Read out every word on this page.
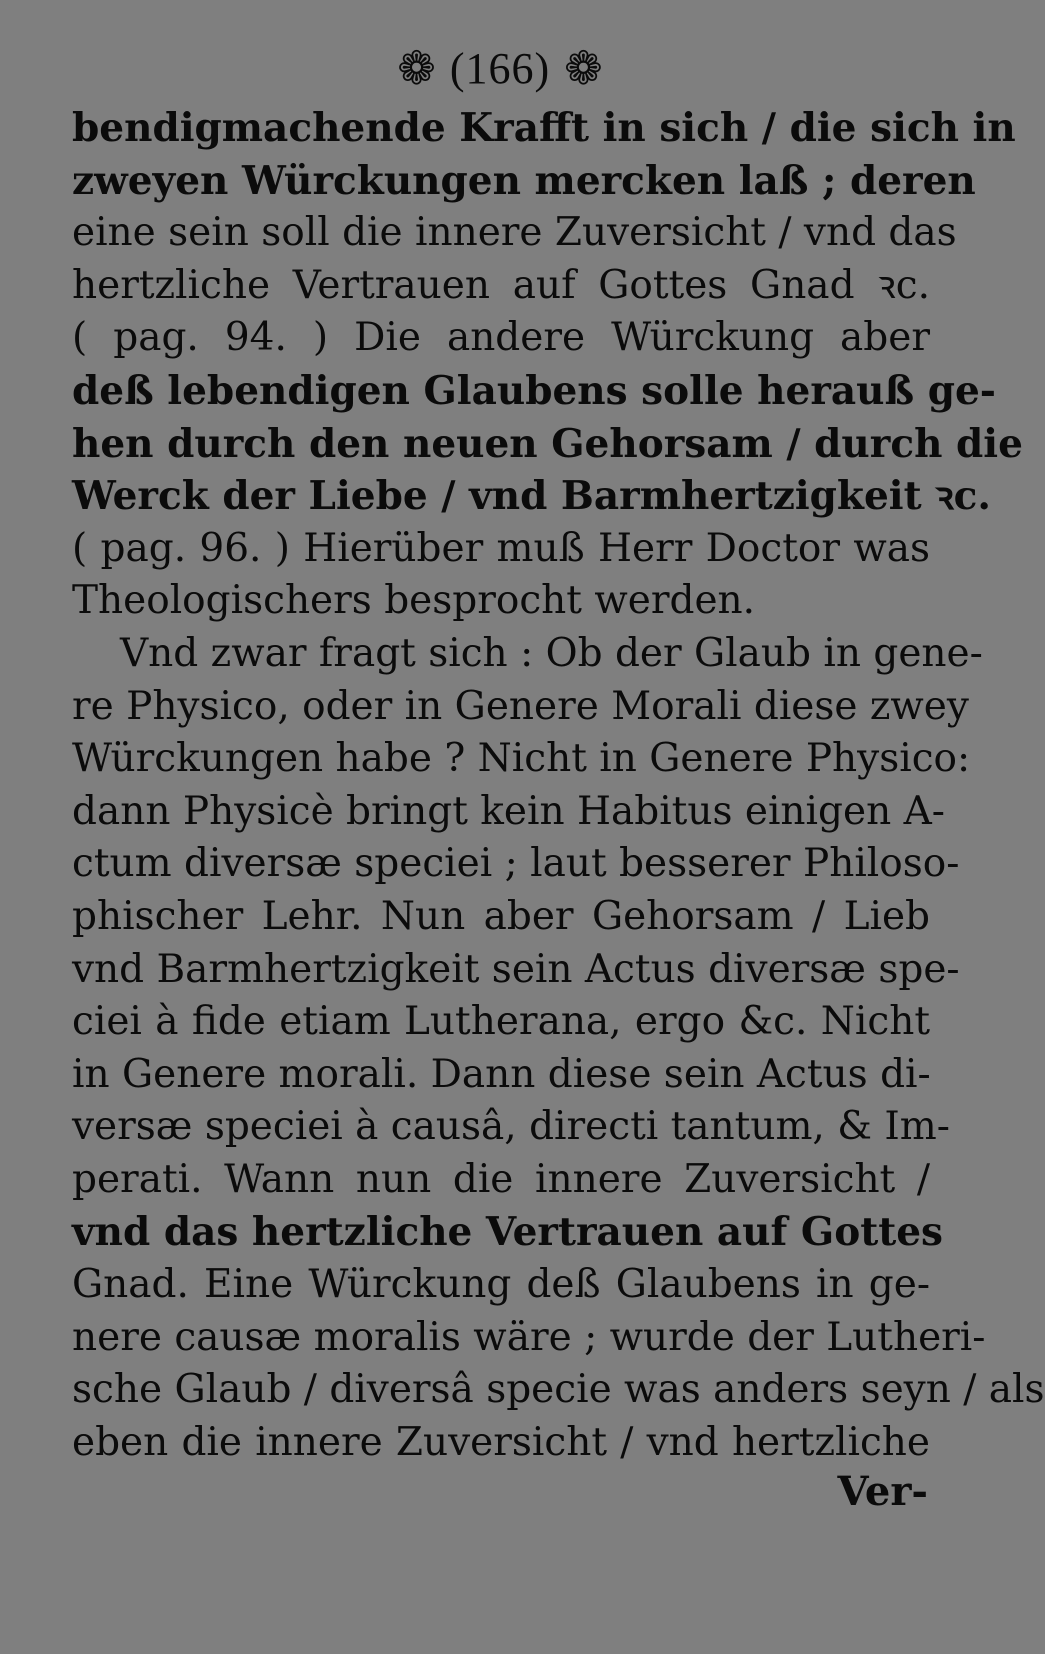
❁ (166) ❁
bendigmachende Krafft in sich / die sich in
zweyen Würckungen mercken laß ; deren
eine sein soll die innere Zuversicht / vnd das
hertzliche Vertrauen auf Gottes Gnad ꝛc.
( pag. 94. ) Die andere Würckung aber
deß lebendigen Glaubens solle herauß ge-
hen durch den neuen Gehorsam / durch die
Werck der Liebe / vnd Barmhertzigkeit ꝛc.
( pag. 96. ) Hierüber muß Herr Doctor was
Theologischers besprocht werden.
Vnd zwar fragt sich : Ob der Glaub in gene-
re Physico, oder in Genere Morali diese zwey
Würckungen habe ? Nicht in Genere Physico:
dann Physicè bringt kein Habitus einigen A-
ctum diversæ speciei ; laut besserer Philoso-
phischer Lehr. Nun aber Gehorsam / Lieb
vnd Barmhertzigkeit sein Actus diversæ spe-
ciei à fide etiam Lutherana, ergo &c. Nicht
in Genere morali. Dann diese sein Actus di-
versæ speciei à causâ, directi tantum, & Im-
perati. Wann nun die innere Zuversicht /
vnd das hertzliche Vertrauen auf Gottes
Gnad. Eine Würckung deß Glaubens in ge-
nere causæ moralis wäre ; wurde der Lutheri-
sche Glaub / diversâ specie was anders seyn / als
eben die innere Zuversicht / vnd hertzliche
Ver-
